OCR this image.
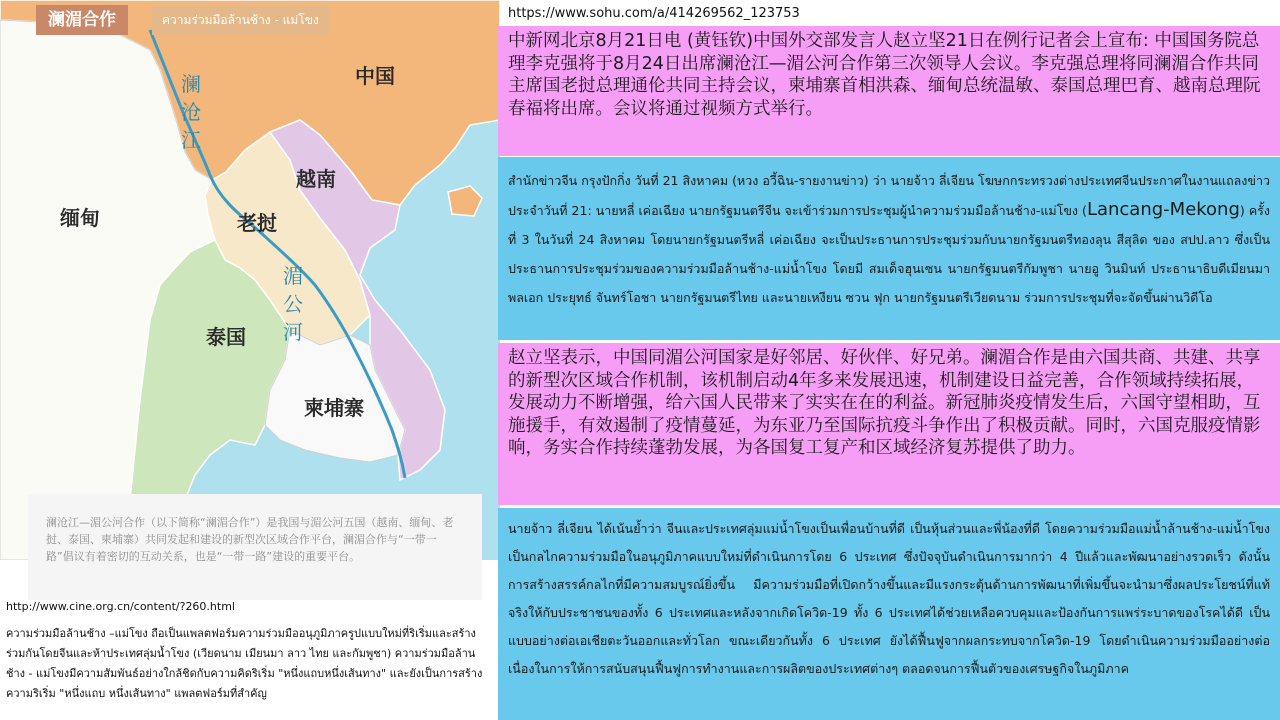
中国
缅甸	老挝
越南
泰国
柬埔寨
澜沧江
湄公河
澜湄合作	ความร่วมมือล้านช้าง - แม่โขง
澜沧江—湄公河合作（以下简称“澜湄合作”）是我国与湄公河五国（越南、缅甸、老挝、泰国、柬埔寨）共同发起和建设的新型次区域合作平台，澜湄合作与“一带一路”倡议有着密切的互动关系，也是“一带一路”建设的重要平台。
http://www.cine.org.cn/content/?260.html
ความร่วมมือล้านช้าง –แม่โขง ถือเป็นแพลตฟอร์มความร่วมมืออนุภูมิภาครูปแบบใหม่ที่ริเริ่มและสร้างร่วมกันโดยจีนและห้าประเทศลุ่มน้ำโขง (เวียดนาม เมียนมา ลาว ไทย และกัมพูชา) ความร่วมมือล้านช้าง - แม่โขงมีความสัมพันธ์อย่างใกล้ชิดกับความคิดริเริ่ม "หนึ่งแถบหนึ่งเส้นทาง" และยังเป็นการสร้างความริเริ่ม "หนึ่งแถบ หนึ่งเส้นทาง" แพลตฟอร์มที่สำคัญ
https://www.sohu.com/a/414269562_123753
中新网北京8月21日电 (黄钰钦)中国外交部发言人赵立坚21日在例行记者会上宣布: 中国国务院总理李克强将于8月24日出席澜沧江—湄公河合作第三次领导人会议。李克强总理将同澜湄合作共同主席国老挝总理通伦共同主持会议，柬埔寨首相洪森、缅甸总统温敏、泰国总理巴育、越南总理阮春福将出席。会议将通过视频方式举行。
สำนักข่าวจีน กรุงปักกิ่ง วันที่ 21 สิงหาคม (หวง อวี้ฉิน-รายงานข่าว) ว่า นายจ้าว ลี่เจียน โฆษกกระทรวงต่างประเทศจีนประกาศในงานแถลงข่าวประจำวันที่ 21: นายหลี่ เค่อเฉียง นายกรัฐมนตรีจีน จะเข้าร่วมการประชุมผู้นำความร่วมมือล้านช้าง-แม่โขง (Lancang-Mekong) ครั้งที่ 3 ในวันที่ 24 สิงหาคม โดยนายกรัฐมนตรีหลี่ เค่อเฉียง จะเป็นประธานการประชุมร่วมกับนายกรัฐมนตรีทองลุน สีสุลิด ของ สปป.ลาว ซึ่งเป็นประธานการประชุมร่วมของความร่วมมือล้านช้าง-แม่น้ำโขง โดยมี สมเด็จฮุนเซน นายกรัฐมนตรีกัมพูชา นายอู วินมินท์ ประธานาธิบดีเมียนมา พลเอก ประยุทธ์ จันทร์โอชา นายกรัฐมนตรีไทย และนายเหงียน ซวน ฟุก นายกรัฐมนตรีเวียดนาม ร่วมการประชุมที่จะจัดขึ้นผ่านวิดีโอ
赵立坚表示，中国同湄公河国家是好邻居、好伙伴、好兄弟。澜湄合作是由六国共商、共建、共享的新型次区域合作机制，该机制启动4年多来发展迅速，机制建设日益完善，合作领域持续拓展，发展动力不断增强，给六国人民带来了实实在在的利益。新冠肺炎疫情发生后，六国守望相助，互施援手，有效遏制了疫情蔓延，为东亚乃至国际抗疫斗争作出了积极贡献。同时，六国克服疫情影响，务实合作持续蓬勃发展，为各国复工复产和区域经济复苏提供了助力。
นายจ้าว ลี่เจียน ได้เน้นย้ำว่า จีนและประเทศลุ่มแม่น้ำโขงเป็นเพื่อนบ้านที่ดี เป็นหุ้นส่วนและพี่น้องที่ดี โดยความร่วมมือแม่น้ำล้านช้าง-แม่น้ำโขงเป็นกลไกความร่วมมือในอนุภูมิภาคแบบใหม่ที่ดำเนินการโดย 6 ประเทศ ซึ่งปัจจุบันดำเนินการมากว่า 4 ปีแล้วและพัฒนาอย่างรวดเร็ว ดังนั้น การสร้างสรรค์กลไกที่มีความสมบูรณ์ยิ่งขึ้น มีความร่วมมือที่เปิดกว้างขึ้นและมีแรงกระตุ้นด้านการพัฒนาที่เพิ่มขึ้นจะนำมาซึ่งผลประโยชน์ที่แท้จริงให้กับประชาชนของทั้ง 6 ประเทศและหลังจากเกิดโควิด-19 ทั้ง 6 ประเทศได้ช่วยเหลือควบคุมและป้องกันการแพร่ระบาดของโรคได้ดี เป็นแบบอย่างต่อเอเชียตะวันออกและทั่วโลก ขณะเดียวกันทั้ง 6 ประเทศ ยังได้ฟื้นฟูจากผลกระทบจากโควิด-19 โดยดำเนินความร่วมมืออย่างต่อเนื่องในการให้การสนับสนุนฟื้นฟูการทำงานและการผลิตของประเทศต่างๆ ตลอดจนการฟื้นตัวของเศรษฐกิจในภูมิภาค
